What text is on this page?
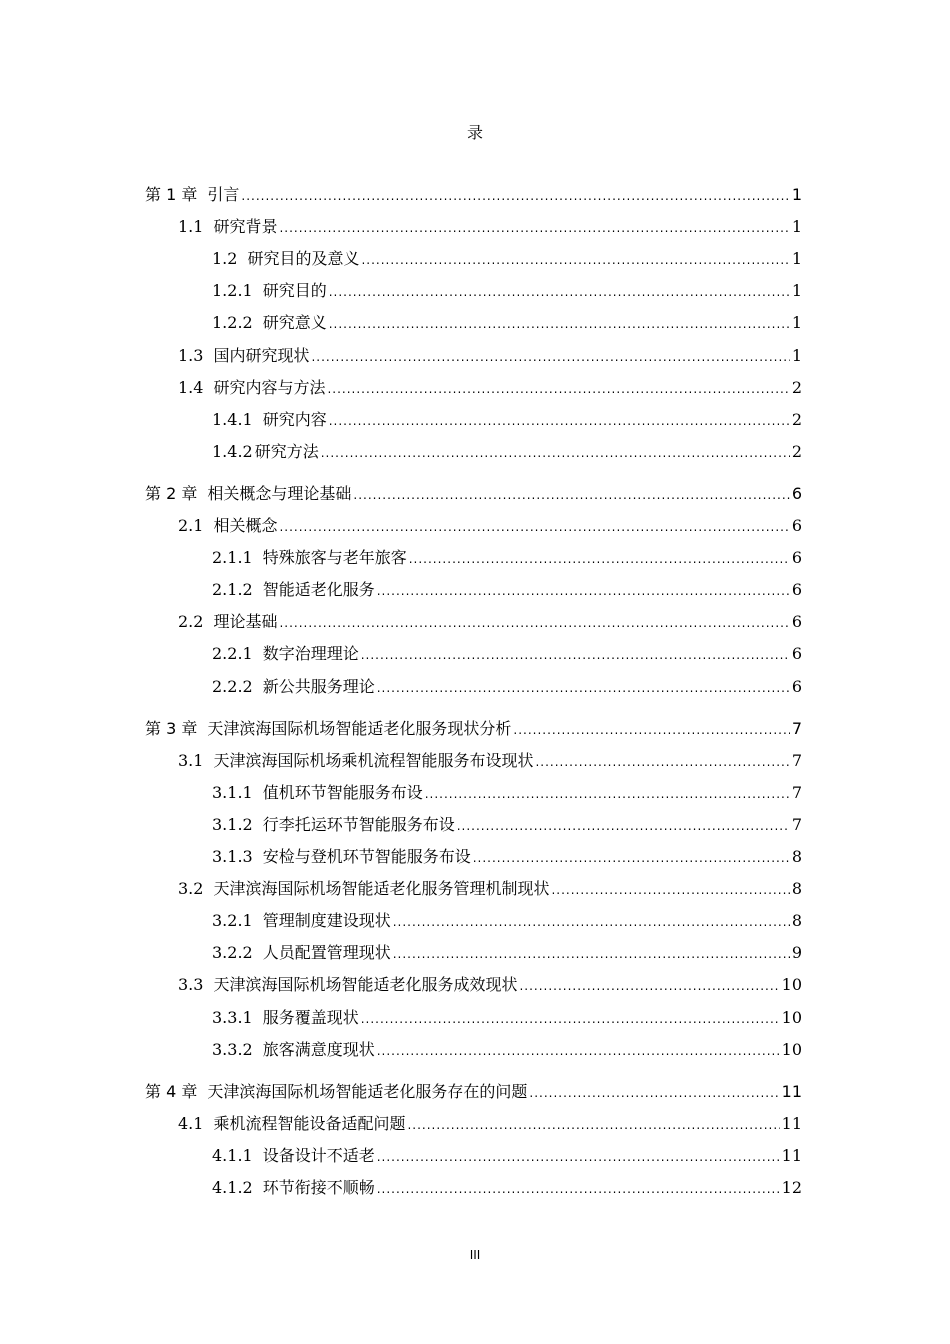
录
第 1 章 引言 .....	1
1.1 研究背景 .....	1
1.2 研究目的及意义 .....	1
1.2.1 研究目的 .....	1
1.2.2 研究意义 .....	1
1.3 国内研究现状 .....	1
1.4 研究内容与方法 .....	2
1.4.1 研究内容 .....	2
1.4.2 研究方法 .....	2
第 2 章 相关概念与理论基础 .....	6
2.1 相关概念 .....	6
2.1.1 特殊旅客与老年旅客 .....	6
2.1.2 智能适老化服务 .....	6
2.2 理论基础 .....	6
2.2.1 数字治理理论 .....	6
2.2.2 新公共服务理论 .....	6
第 3 章 天津滨海国际机场智能适老化服务现状分析 .....	7
3.1 天津滨海国际机场乘机流程智能服务布设现状 .....	7
3.1.1 值机环节智能服务布设 .....	7
3.1.2 行李托运环节智能服务布设 .....	7
3.1.3 安检与登机环节智能服务布设 .....	8
3.2 天津滨海国际机场智能适老化服务管理机制现状 .....	8
3.2.1 管理制度建设现状 .....	8
3.2.2 人员配置管理现状 .....	9
3.3 天津滨海国际机场智能适老化服务成效现状 .....	10
3.3.1 服务覆盖现状 .....	10
3.3.2 旅客满意度现状 .....	10
第 4 章 天津滨海国际机场智能适老化服务存在的问题 .....	11
4.1 乘机流程智能设备适配问题 .....	11
4.1.1 设备设计不适老 .....	11
4.1.2 环节衔接不顺畅 .....	12
III
